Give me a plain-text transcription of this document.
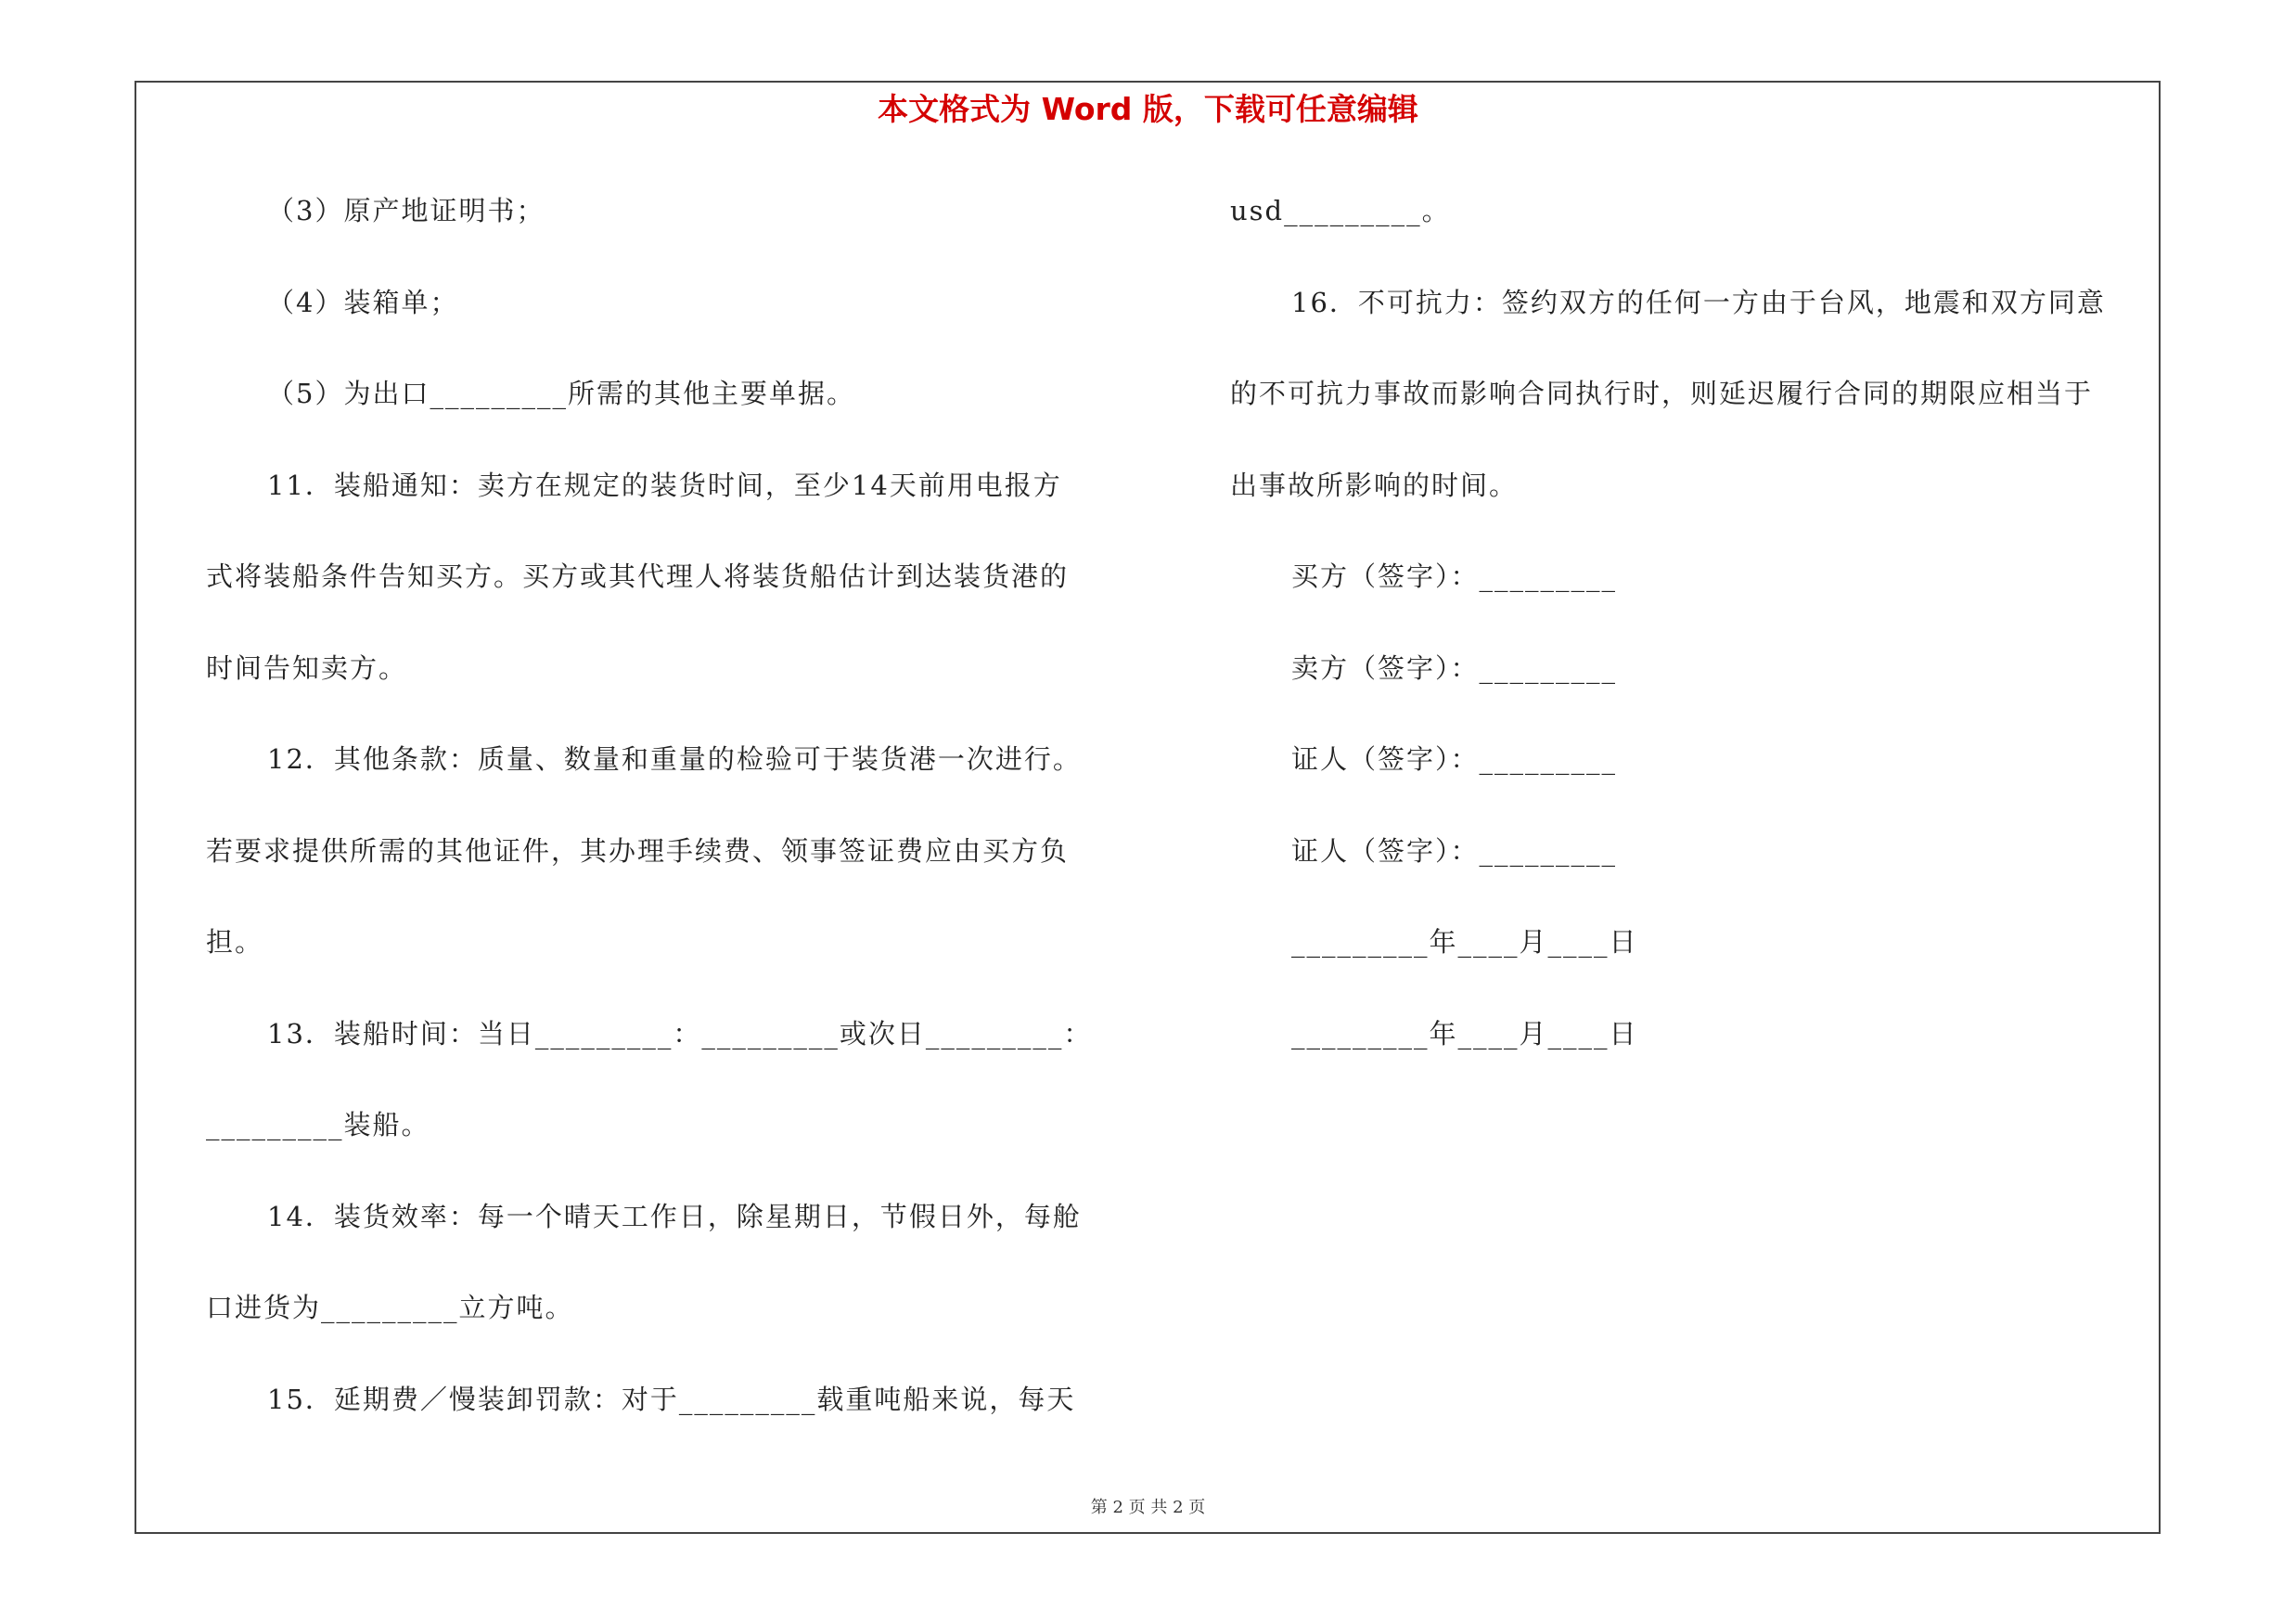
本文格式为 Word 版，下载可任意编辑
（3）原产地证明书；
（4）装箱单；
（5）为出口_________所需的其他主要单据。
11．装船通知：卖方在规定的装货时间，至少14天前用电报方
式将装船条件告知买方。买方或其代理人将装货船估计到达装货港的
时间告知卖方。
12．其他条款：质量、数量和重量的检验可于装货港一次进行。
若要求提供所需的其他证件，其办理手续费、领事签证费应由买方负
担。
13．装船时间：当日_________：_________或次日_________：
_________装船。
14．装货效率：每一个晴天工作日，除星期日，节假日外，每舱
口进货为_________立方吨。
15．延期费／慢装卸罚款：对于_________载重吨船来说，每天
usd_________。
16．不可抗力：签约双方的任何一方由于台风，地震和双方同意
的不可抗力事故而影响合同执行时，则延迟履行合同的期限应相当于
出事故所影响的时间。
买方（签字）：_________
卖方（签字）：_________
证人（签字）：_________
证人（签字）：_________
_________年____月____日
_________年____月____日
第 2 页 共 2 页
